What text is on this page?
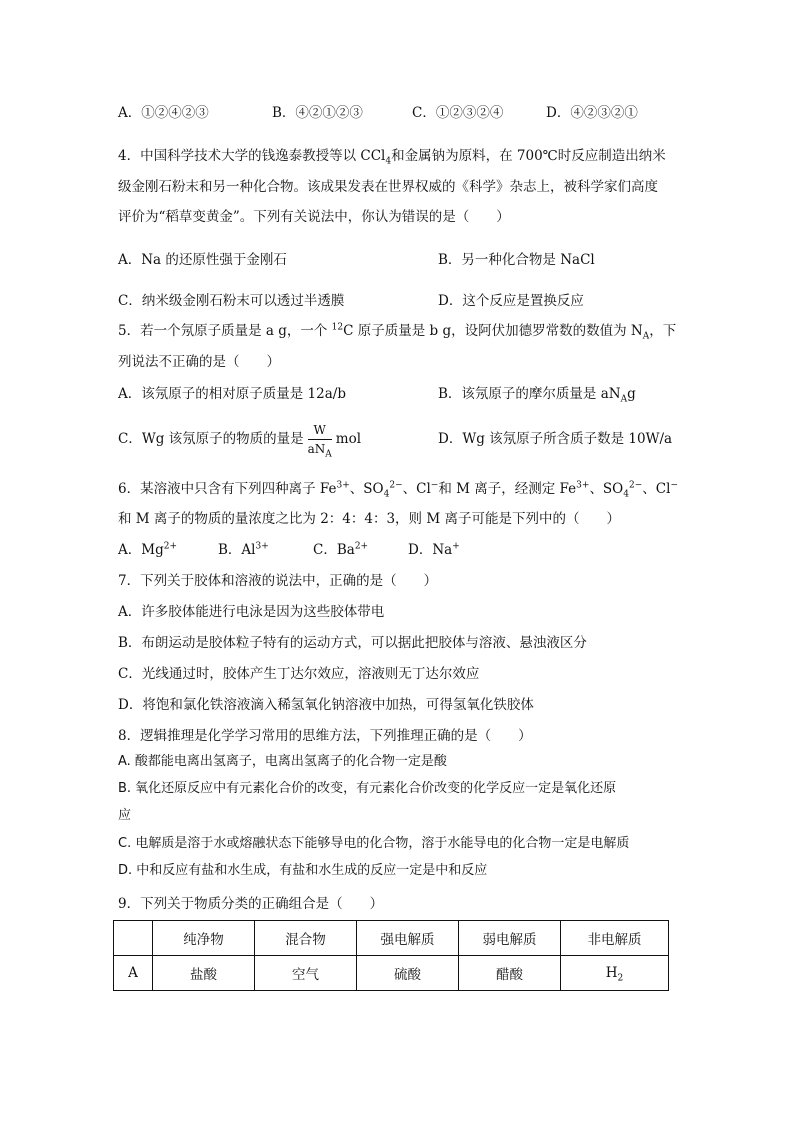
A．①②④②③	B．④②①②③	C．①②③②④	D．④②③②①
4．中国科学技术大学的钱逸泰教授等以 CCl$_4$和金属钠为原料，在 700℃时反应制造出纳米
级金刚石粉末和另一种化合物。该成果发表在世界权威的《科学》杂志上，被科学家们高度
评价为“稻草变黄金”。下列有关说法中，你认为错误的是（　　）
A．Na 的还原性强于金刚石	B．另一种化合物是 NaCl
C．纳米级金刚石粉末可以透过半透膜	D．这个反应是置换反应
5．若一个氖原子质量是 a g，一个 $^{12}$C 原子质量是 b g，设阿伏加德罗常数的数值为 $N_A$，下
列说法不正确的是（　　）
A．该氖原子的相对原子质量是 12a/b	B．该氖原子的摩尔质量是 $aN_Ag$
C．Wg 该氖原子的物质的量是 $\frac{W}{aN_A}$ mol	D．Wg 该氖原子所含质子数是 10W/a
6．某溶液中只含有下列四种离子 $Fe^{3+}$、$SO_4^{2-}$、Cl−和 M 离子，经测定 $Fe^{3+}$、$SO_4^{2-}$、Cl−
和 M 离子的物质的量浓度之比为 2：4：4：3，则 M 离子可能是下列中的（　　）
A．$Mg^{2+}$	B．$Al^{3+}$	C．$Ba^{2+}$	D．Na+
7．下列关于胶体和溶液的说法中，正确的是（　　）
A．许多胶体能进行电泳是因为这些胶体带电
B．布朗运动是胶体粒子特有的运动方式，可以据此把胶体与溶液、悬浊液区分
C．光线通过时，胶体产生丁达尔效应，溶液则无丁达尔效应
D．将饱和氯化铁溶液滴入稀氢氧化钠溶液中加热，可得氢氧化铁胶体
8．逻辑推理是化学学习常用的思维方法，下列推理正确的是（　　）
A. 酸都能电离出氢离子，电离出氢离子的化合物一定是酸
B. 氧化还原反应中有元素化合价的改变，有元素化合价改变的化学反应一定是氧化还原
应
C. 电解质是溶于水或熔融状态下能够导电的化合物，溶于水能导电的化合物一定是电解质
D. 中和反应有盐和水生成，有盐和水生成的反应一定是中和反应
9．下列关于物质分类的正确组合是（　　）
	纯净物	混合物	强电解质	弱电解质	非电解质
A	盐酸	空气	硫酸	醋酸	$H_2$
